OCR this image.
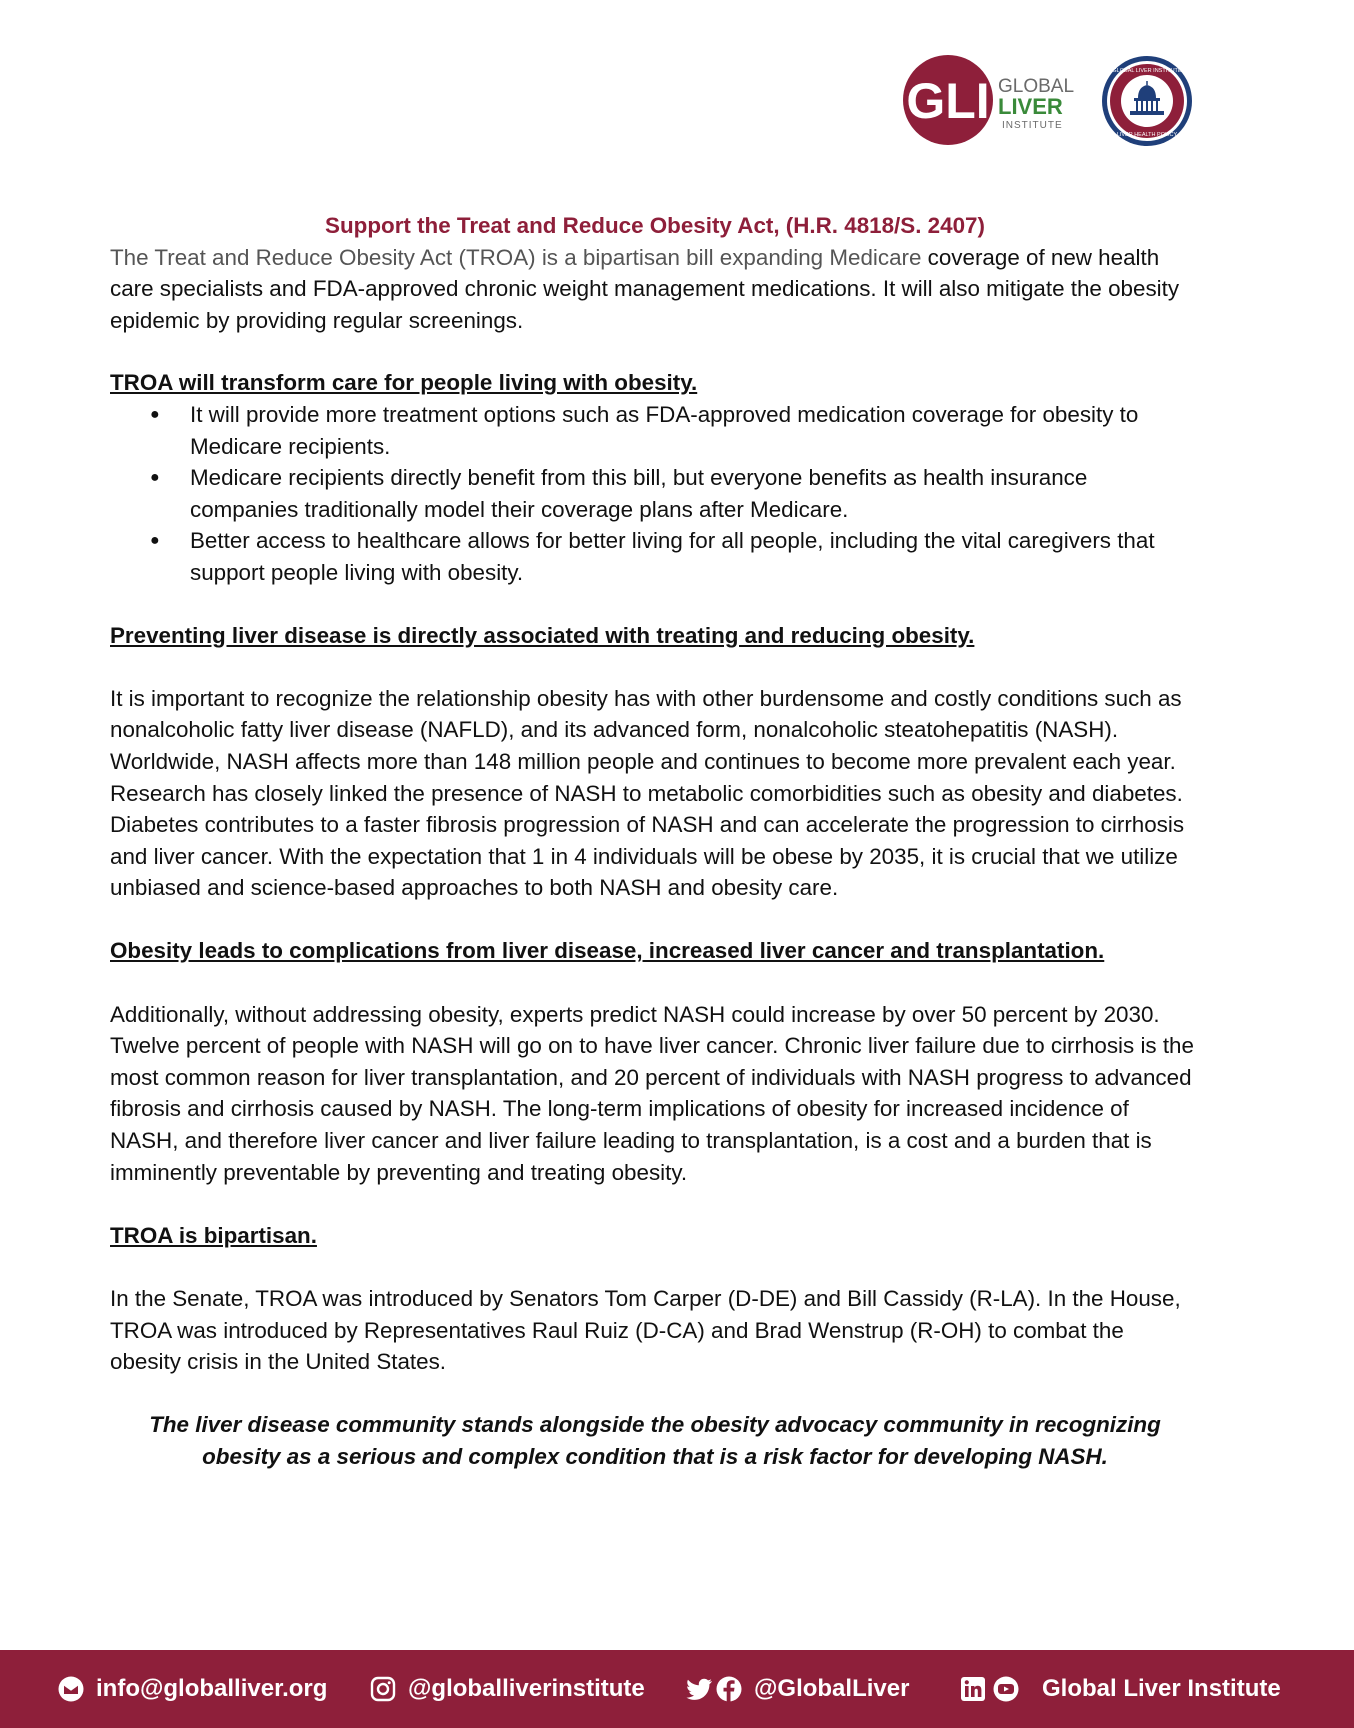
GLI GLOBAL
LIVER
INSTITUTE
GLOBAL LIVER INSTITUTE
LIVER HEALTH POLICY
Support the Treat and Reduce Obesity Act, (H.R. 4818/S. 2407)

The Treat and Reduce Obesity Act (TROA) is a bipartisan bill expanding Medicare coverage of new health care specialists and FDA-approved chronic weight management medications. It will also mitigate the obesity epidemic by providing regular screenings.

TROA will transform care for people living with obesity.
● It will provide more treatment options such as FDA-approved medication coverage for obesity to Medicare recipients.
● Medicare recipients directly benefit from this bill, but everyone benefits as health insurance companies traditionally model their coverage plans after Medicare.
● Better access to healthcare allows for better living for all people, including the vital caregivers that support people living with obesity.
Preventing liver disease is directly associated with treating and reducing obesity.

It is important to recognize the relationship obesity has with other burdensome and costly conditions such as nonalcoholic fatty liver disease (NAFLD), and its advanced form, nonalcoholic steatohepatitis (NASH). Worldwide, NASH affects more than 148 million people and continues to become more prevalent each year. Research has closely linked the presence of NASH to metabolic comorbidities such as obesity and diabetes. Diabetes contributes to a faster fibrosis progression of NASH and can accelerate the progression to cirrhosis and liver cancer. With the expectation that 1 in 4 individuals will be obese by 2035, it is crucial that we utilize unbiased and science-based approaches to both NASH and obesity care.

Obesity leads to complications from liver disease, increased liver cancer and transplantation.

Additionally, without addressing obesity, experts predict NASH could increase by over 50 percent by 2030. Twelve percent of people with NASH will go on to have liver cancer. Chronic liver failure due to cirrhosis is the most common reason for liver transplantation, and 20 percent of individuals with NASH progress to advanced fibrosis and cirrhosis caused by NASH. The long-term implications of obesity for increased incidence of NASH, and therefore liver cancer and liver failure leading to transplantation, is a cost and a burden that is imminently preventable by preventing and treating obesity.

TROA is bipartisan.

In the Senate, TROA was introduced by Senators Tom Carper (D-DE) and Bill Cassidy (R-LA). In the House, TROA was introduced by Representatives Raul Ruiz (D-CA) and Brad Wenstrup (R-OH) to combat the obesity crisis in the United States.

The liver disease community stands alongside the obesity advocacy community in recognizing obesity as a serious and complex condition that is a risk factor for developing NASH.

info@globalliver.org	@globalliverinstitute	@GlobalLiver	Global Liver Institute
